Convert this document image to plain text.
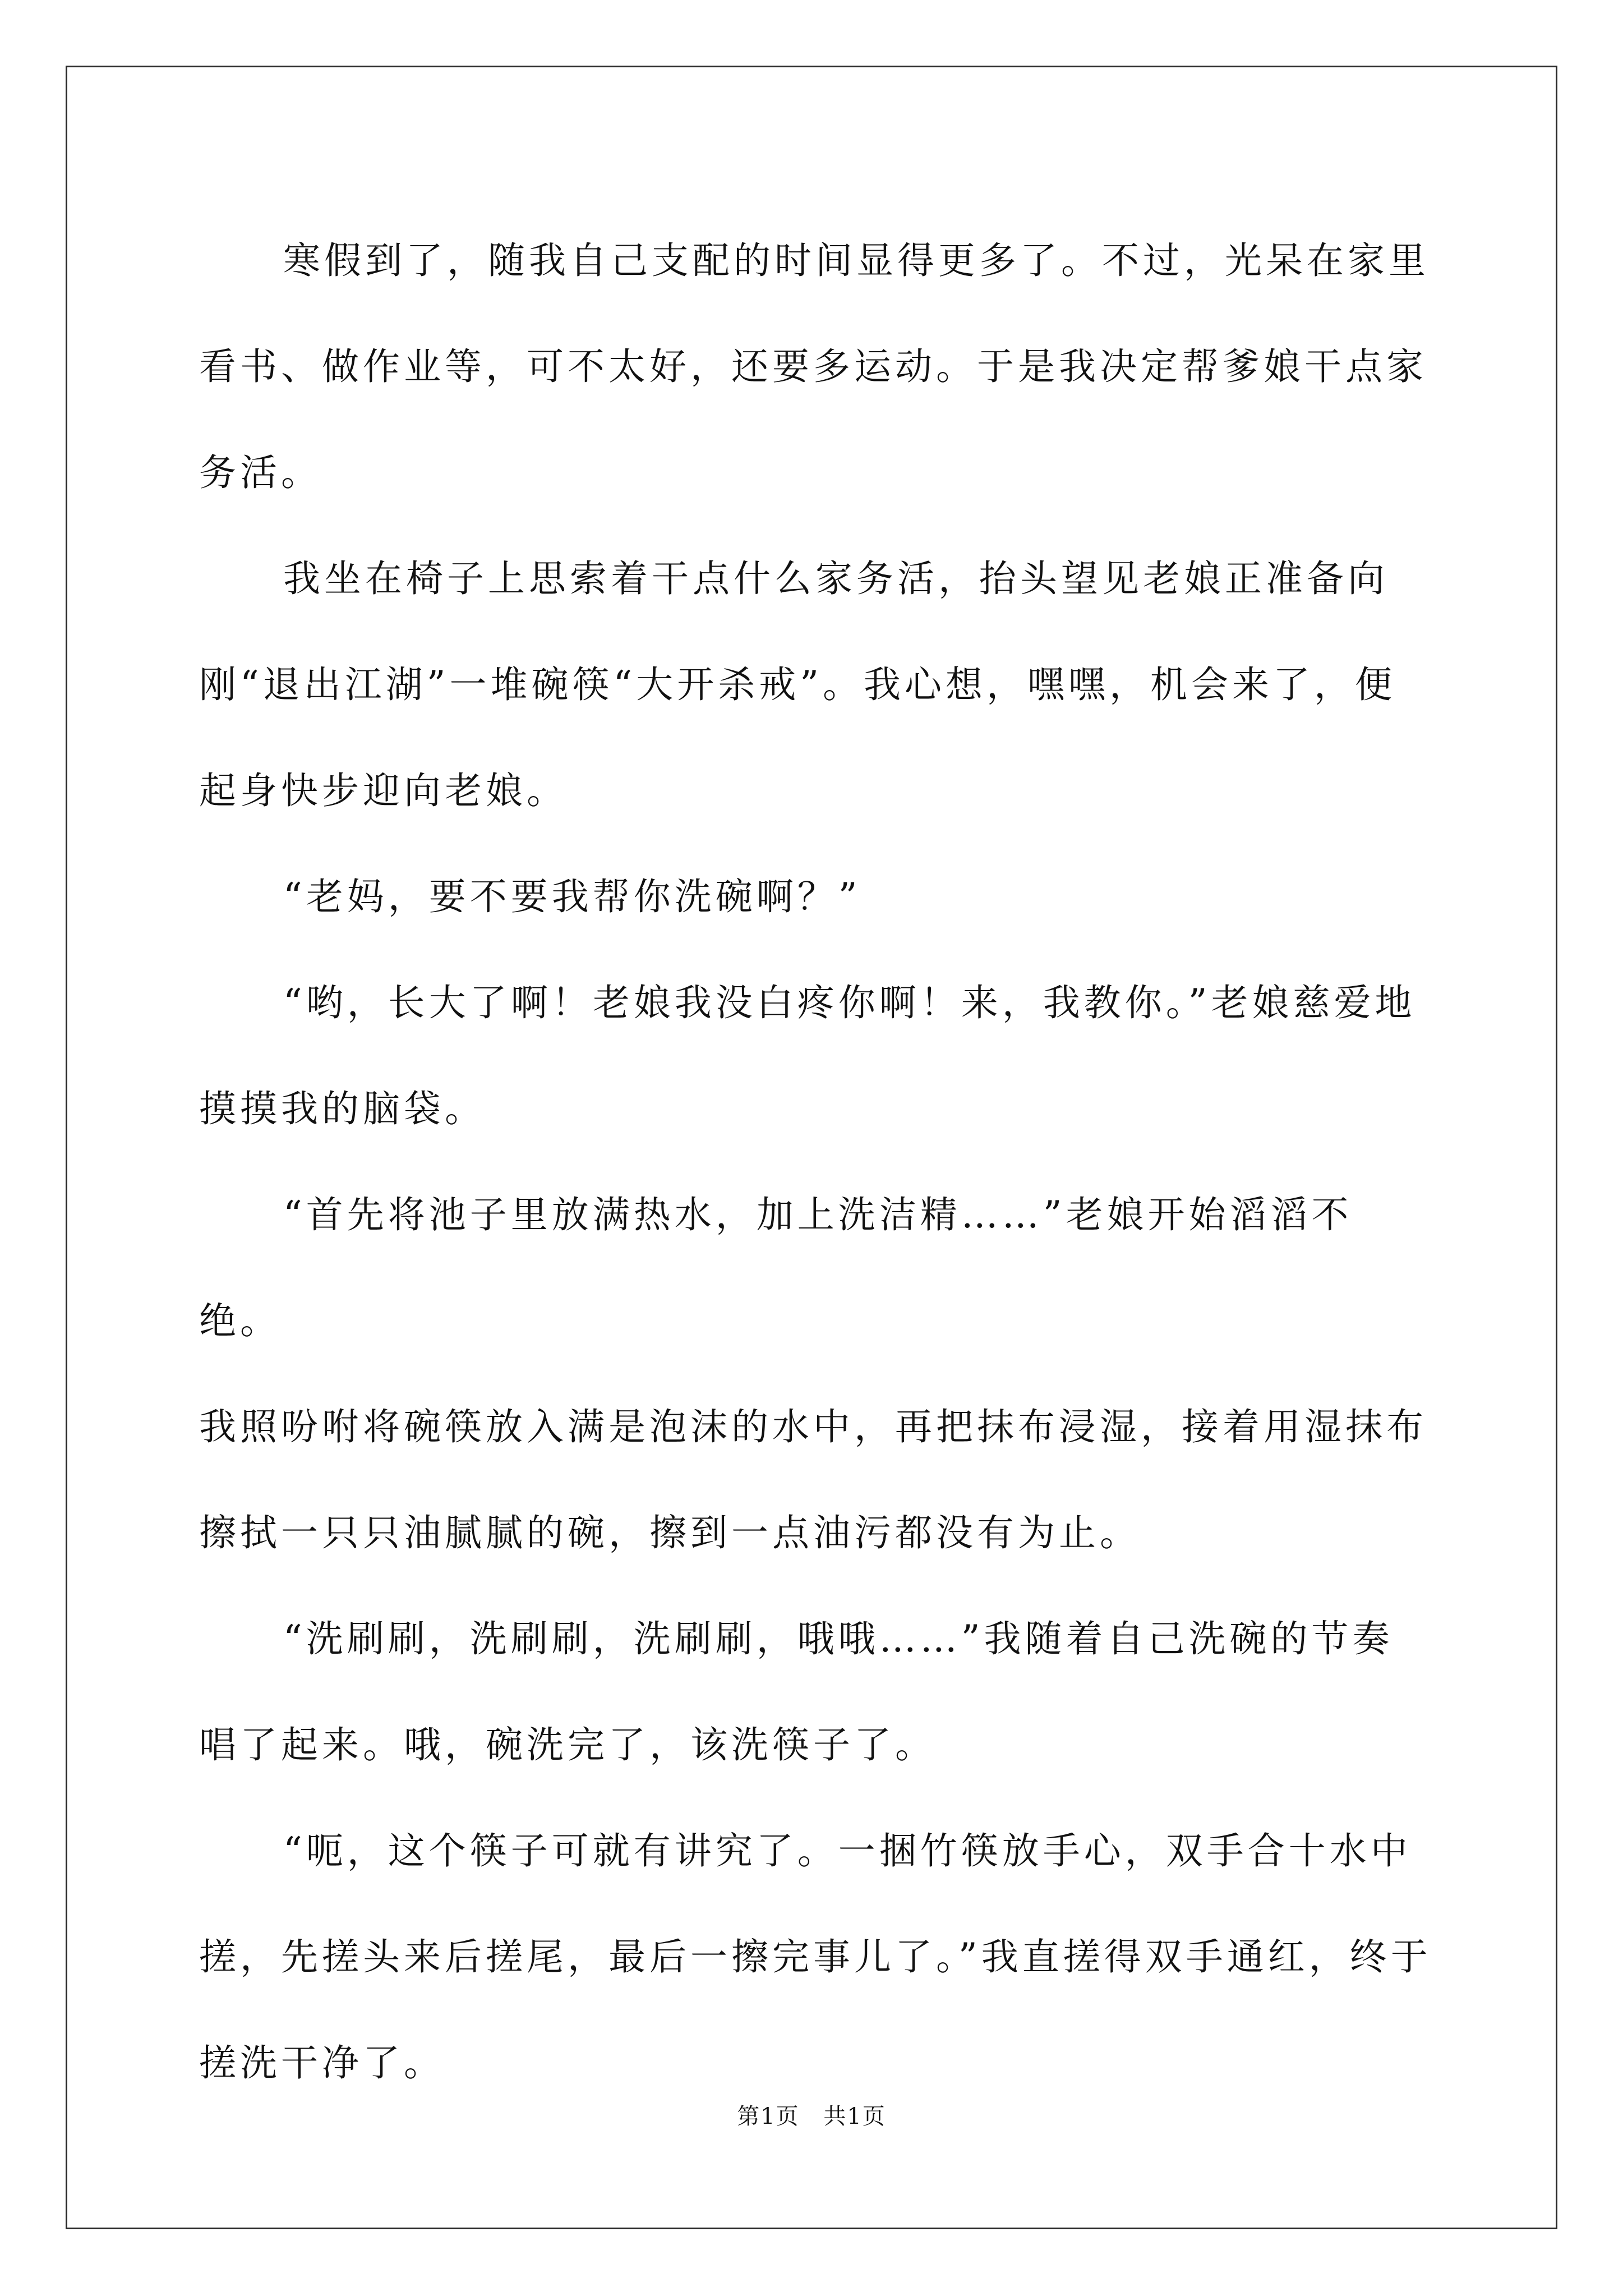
寒假到了，随我自己支配的时间显得更多了。不过，光呆在家里看书、做作业等，可不太好，还要多运动。于是我决定帮爹娘干点家务活。

我坐在椅子上思索着干点什么家务活，抬头望见老娘正准备向刚“退出江湖”一堆碗筷“大开杀戒”。我心想，嘿嘿，机会来了，便起身快步迎向老娘。

“老妈，要不要我帮你洗碗啊？”

“哟，长大了啊！老娘我没白疼你啊！来，我教你。”老娘慈爱地摸摸我的脑袋。

“首先将池子里放满热水，加上洗洁精……”老娘开始滔滔不绝。

我照吩咐将碗筷放入满是泡沫的水中，再把抹布浸湿，接着用湿抹布擦拭一只只油腻腻的碗，擦到一点油污都没有为止。

“洗刷刷，洗刷刷，洗刷刷，哦哦……”我随着自己洗碗的节奏唱了起来。哦，碗洗完了，该洗筷子了。

“呃，这个筷子可就有讲究了。一捆竹筷放手心，双手合十水中搓，先搓头来后搓尾，最后一擦完事儿了。”我直搓得双手通红，终于搓洗干净了。

第1页 共1页
